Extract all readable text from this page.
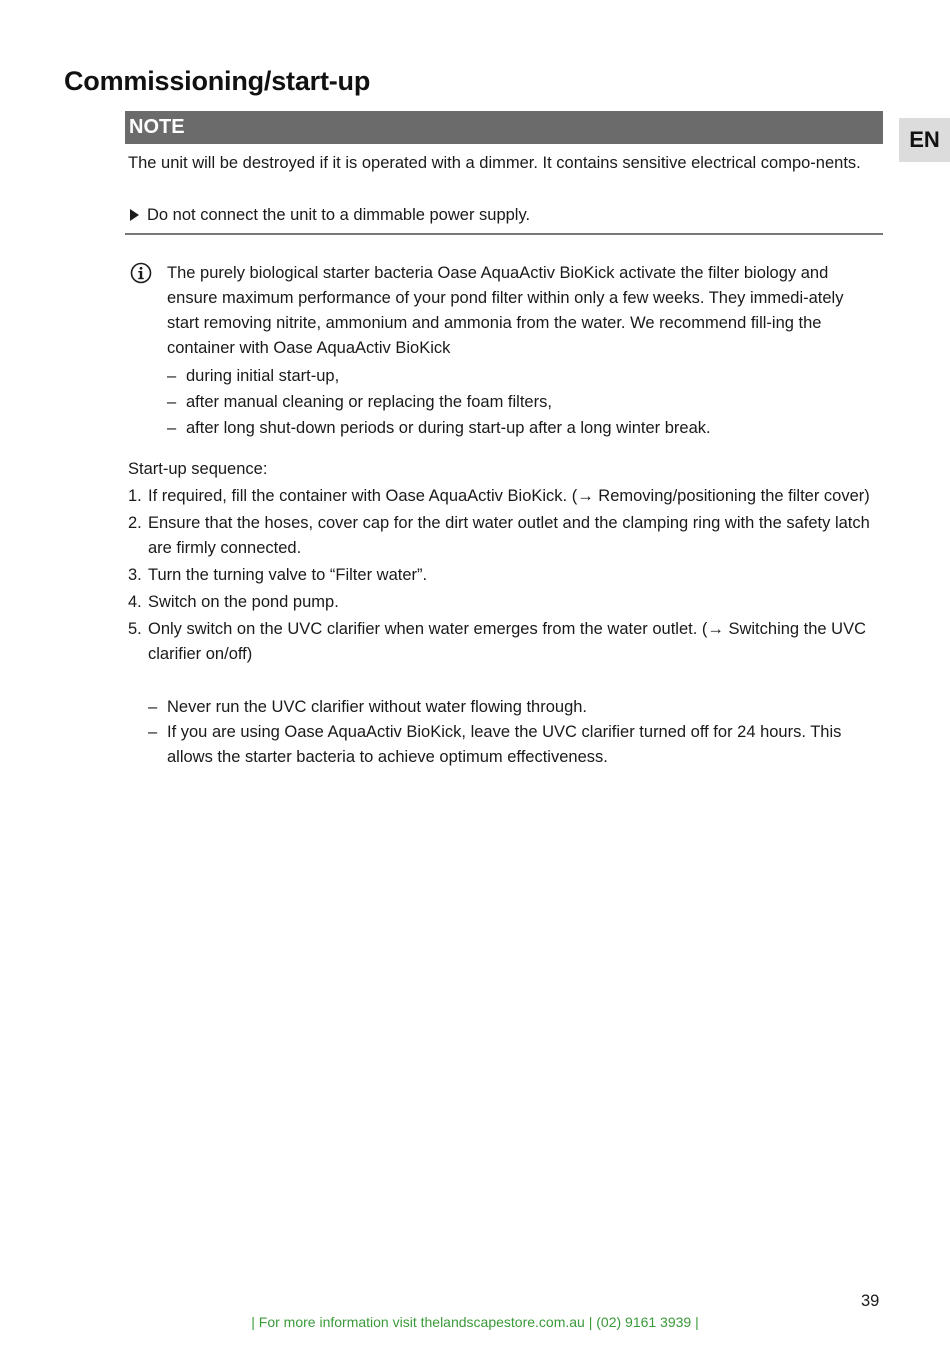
Commissioning/start-up
EN
NOTE
The unit will be destroyed if it is operated with a dimmer. It contains sensitive electrical compo-nents.
Do not connect the unit to a dimmable power supply.
The purely biological starter bacteria Oase AquaActiv BioKick activate the filter biology and ensure maximum performance of your pond filter within only a few weeks. They immedi-ately start removing nitrite, ammonium and ammonia from the water. We recommend fill-ing the container with Oase AquaActiv BioKick
– during initial start-up,
– after manual cleaning or replacing the foam filters,
– after long shut-down periods or during start-up after a long winter break.
Start-up sequence:
1. If required, fill the container with Oase AquaActiv BioKick. (→ Removing/positioning the filter cover)
2. Ensure that the hoses, cover cap for the dirt water outlet and the clamping ring with the safety latch are firmly connected.
3. Turn the turning valve to “Filter water”.
4. Switch on the pond pump.
5. Only switch on the UVC clarifier when water emerges from the water outlet. (→ Switching the UVC clarifier on/off)
– Never run the UVC clarifier without water flowing through.
– If you are using Oase AquaActiv BioKick, leave the UVC clarifier turned off for 24 hours. This allows the starter bacteria to achieve optimum effectiveness.
39
| For more information visit thelandscapestore.com.au | (02) 9161 3939 |
